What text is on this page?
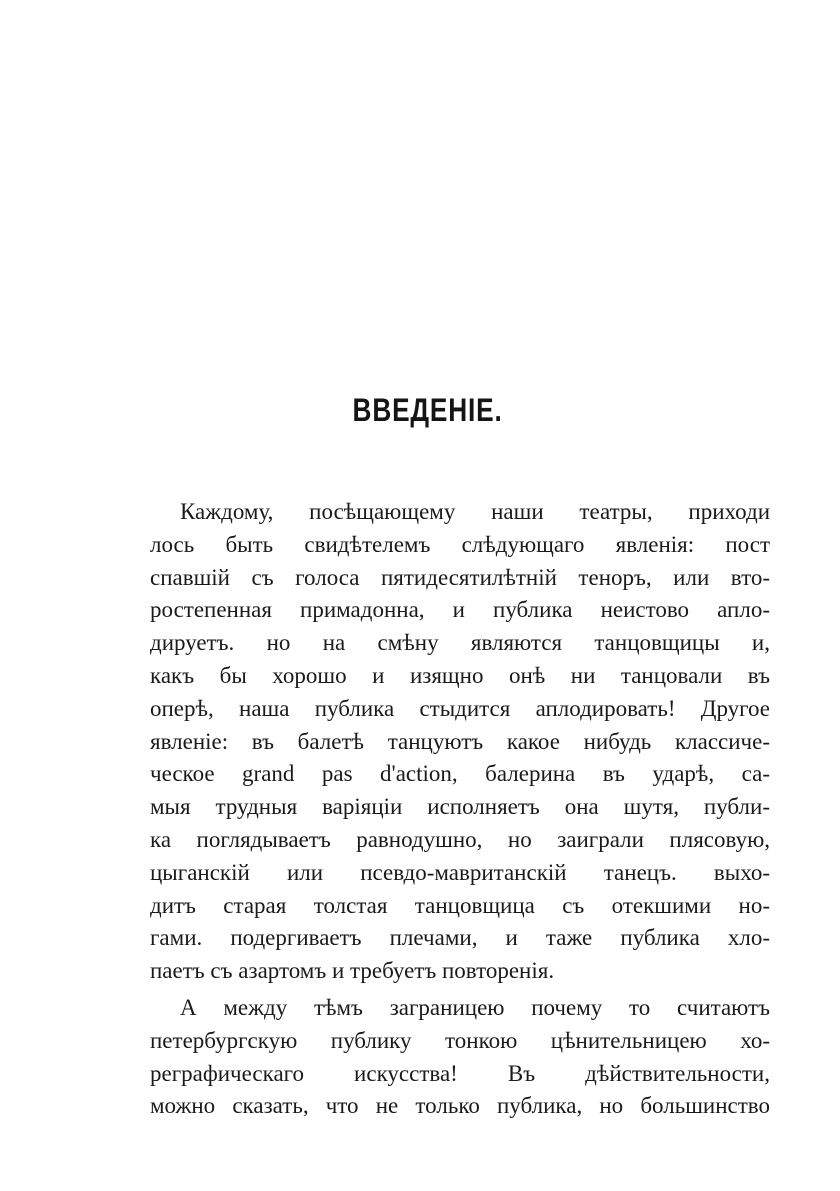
ВВЕДЕНІЕ.
Каждому, посѣщающему наши театры, приходи
лось быть свидѣтелемъ слѣдующаго явленія: пост
спавшій съ голоса пятидесятилѣтній теноръ, или вто-
ростепенная примадонна, и публика неистово апло-
дируетъ. но на смѣну являются танцовщицы и,
какъ бы хорошо и изящно онѣ ни танцовали въ
оперѣ, наша публика стыдится аплодировать! Другое
явленіе: въ балетѣ танцуютъ какое нибудь классиче-
ческое grand pas d'action, балерина въ ударѣ, са-
мыя трудныя варіяціи исполняетъ она шутя, публи-
ка поглядываетъ равнодушно, но заиграли плясовую,
цыганскій или псевдо-мавританскій танецъ. выхо-
дитъ старая толстая танцовщица съ отекшими но-
гами. подергиваетъ плечами, и таже публика хло-
паетъ съ азартомъ и требуетъ повторенія.
А между тѣмъ заграницею почему то считаютъ
петербургскую публику тонкою цѣнительницею хо-
реграфическаго искусства! Въ дѣйствительности,
можно сказать, что не только публика, но большинство
